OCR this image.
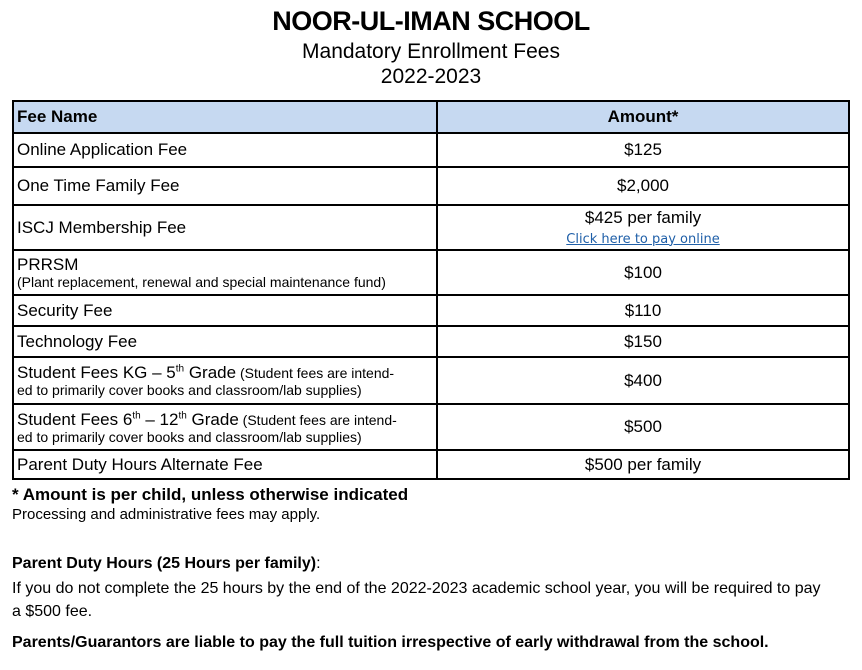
NOOR-UL-IMAN SCHOOL
Mandatory Enrollment Fees
2022-2023
Fee Name	Amount*
Online Application Fee	$125
One Time Family Fee	$2,000
ISCJ Membership Fee	$425 per family
Click here to pay online

PRRSM
(Plant replacement, renewal and special maintenance fund)	$100
Security Fee	$110
Technology Fee	$150

Student Fees KG – 5th Grade (Student fees are intend-
ed to primarily cover books and classroom/lab supplies)	$400

Student Fees 6th – 12th Grade (Student fees are intend-
ed to primarily cover books and classroom/lab supplies)	$500
Parent Duty Hours Alternate Fee	$500 per family
* Amount is per child, unless otherwise indicated
Processing and administrative fees may apply.
Parent Duty Hours (25 Hours per family):
If you do not complete the 25 hours by the end of the 2022-2023 academic school year, you will be required to pay a $500 fee.
Parents/Guarantors are liable to pay the full tuition irrespective of early withdrawal from the school.
